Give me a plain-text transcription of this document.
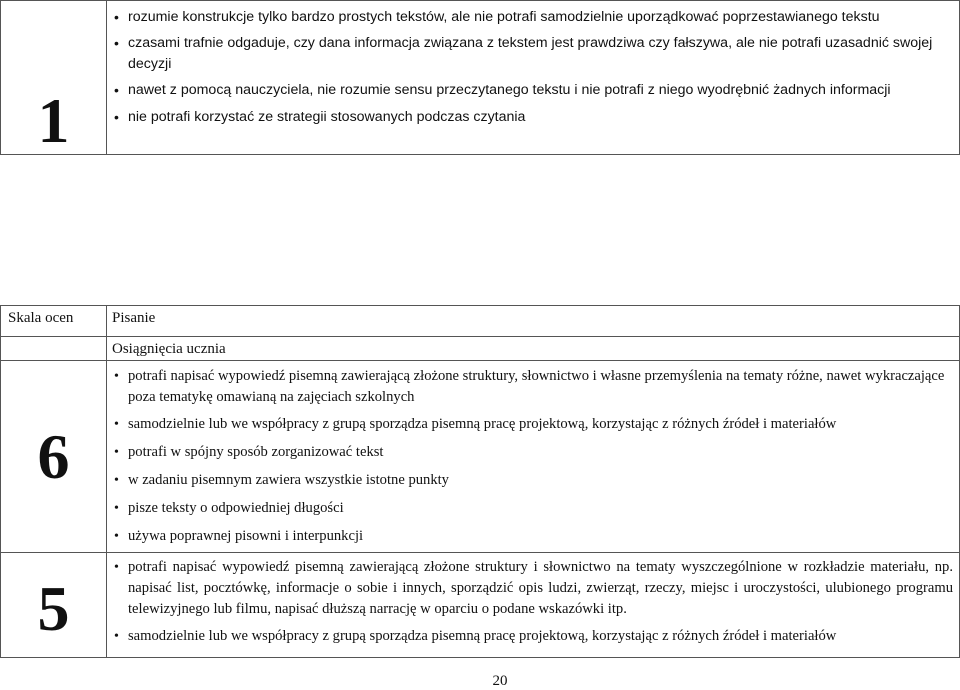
1
• rozumie konstrukcje tylko bardzo prostych tekstów, ale nie potrafi samodzielnie uporządkować poprzestawianego tekstu
• czasami trafnie odgaduje, czy dana informacja związana z tekstem jest prawdziwa czy fałszywa, ale nie potrafi uzasadnić swojej decyzji
• nawet z pomocą nauczyciela, nie rozumie sensu przeczytanego tekstu i nie potrafi z niego wyodrębnić żadnych informacji
• nie potrafi korzystać ze strategii stosowanych podczas czytania
Skala ocen	Pisanie
Osiągnięcia ucznia
6
• potrafi napisać wypowiedź pisemną zawierającą złożone struktury, słownictwo i własne przemyślenia na tematy różne, nawet wykraczające poza tematykę omawianą na zajęciach szkolnych
• samodzielnie lub we współpracy z grupą sporządza pisemną pracę projektową, korzystając z różnych źródeł i materiałów
• potrafi w spójny sposób zorganizować tekst
• w zadaniu pisemnym zawiera wszystkie istotne punkty
• pisze teksty o odpowiedniej długości
• używa poprawnej pisowni i interpunkcji
5
• potrafi napisać wypowiedź pisemną zawierającą złożone struktury i słownictwo na tematy wyszczególnione w rozkładzie materiału, np. napisać list, pocztówkę, informacje o sobie i innych, sporządzić opis ludzi, zwierząt, rzeczy, miejsc i uroczystości, ulubionego programu telewizyjnego lub filmu, napisać dłuższą narrację w oparciu o podane wskazówki itp.
• samodzielnie lub we współpracy z grupą sporządza pisemną pracę projektową, korzystając z różnych źródeł i materiałów
20
